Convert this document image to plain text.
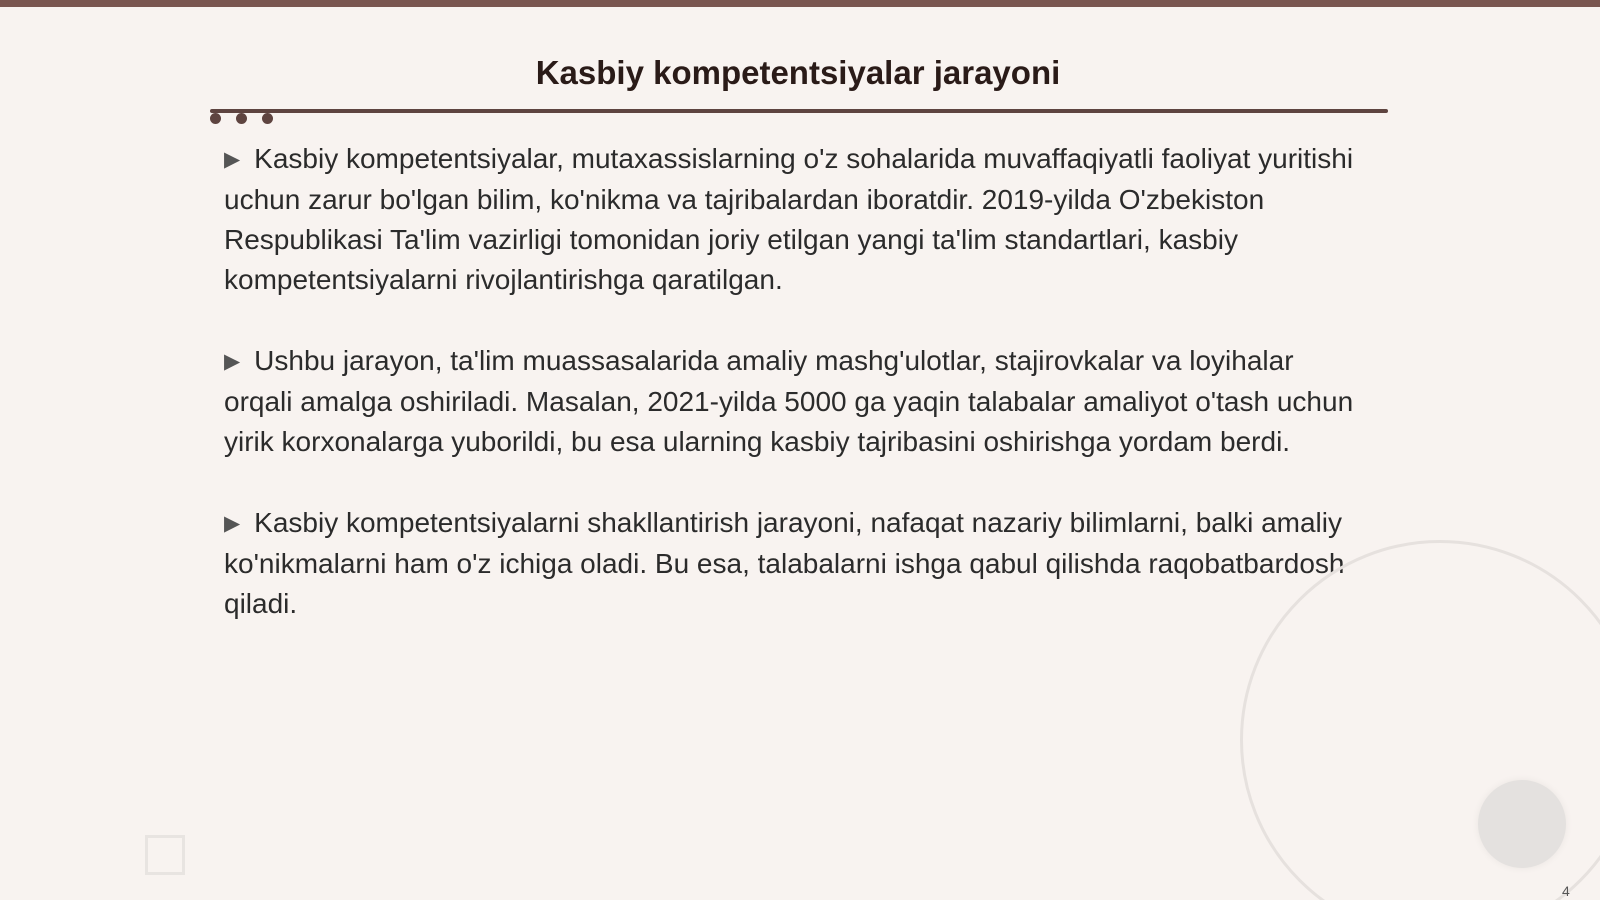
Kasbiy kompetentsiyalar jarayoni

▶ Kasbiy kompetentsiyalar, mutaxassislarning o'z sohalarida muvaffaqiyatli faoliyat yuritishi uchun zarur bo'lgan bilim, ko'nikma va tajribalardan iboratdir. 2019-yilda O'zbekiston Respublikasi Ta'lim vazirligi tomonidan joriy etilgan yangi ta'lim standartlari, kasbiy kompetentsiyalarni rivojlantirishga qaratilgan.

▶ Ushbu jarayon, ta'lim muassasalarida amaliy mashg'ulotlar, stajirovkalar va loyihalar orqali amalga oshiriladi. Masalan, 2021-yilda 5000 ga yaqin talabalar amaliyot o'tash uchun yirik korxonalarga yuborildi, bu esa ularning kasbiy tajribasini oshirishga yordam berdi.

▶ Kasbiy kompetentsiyalarni shakllantirish jarayoni, nafaqat nazariy bilimlarni, balki amaliy ko'nikmalarni ham o'z ichiga oladi. Bu esa, talabalarni ishga qabul qilishda raqobatbardosh qiladi.

4
